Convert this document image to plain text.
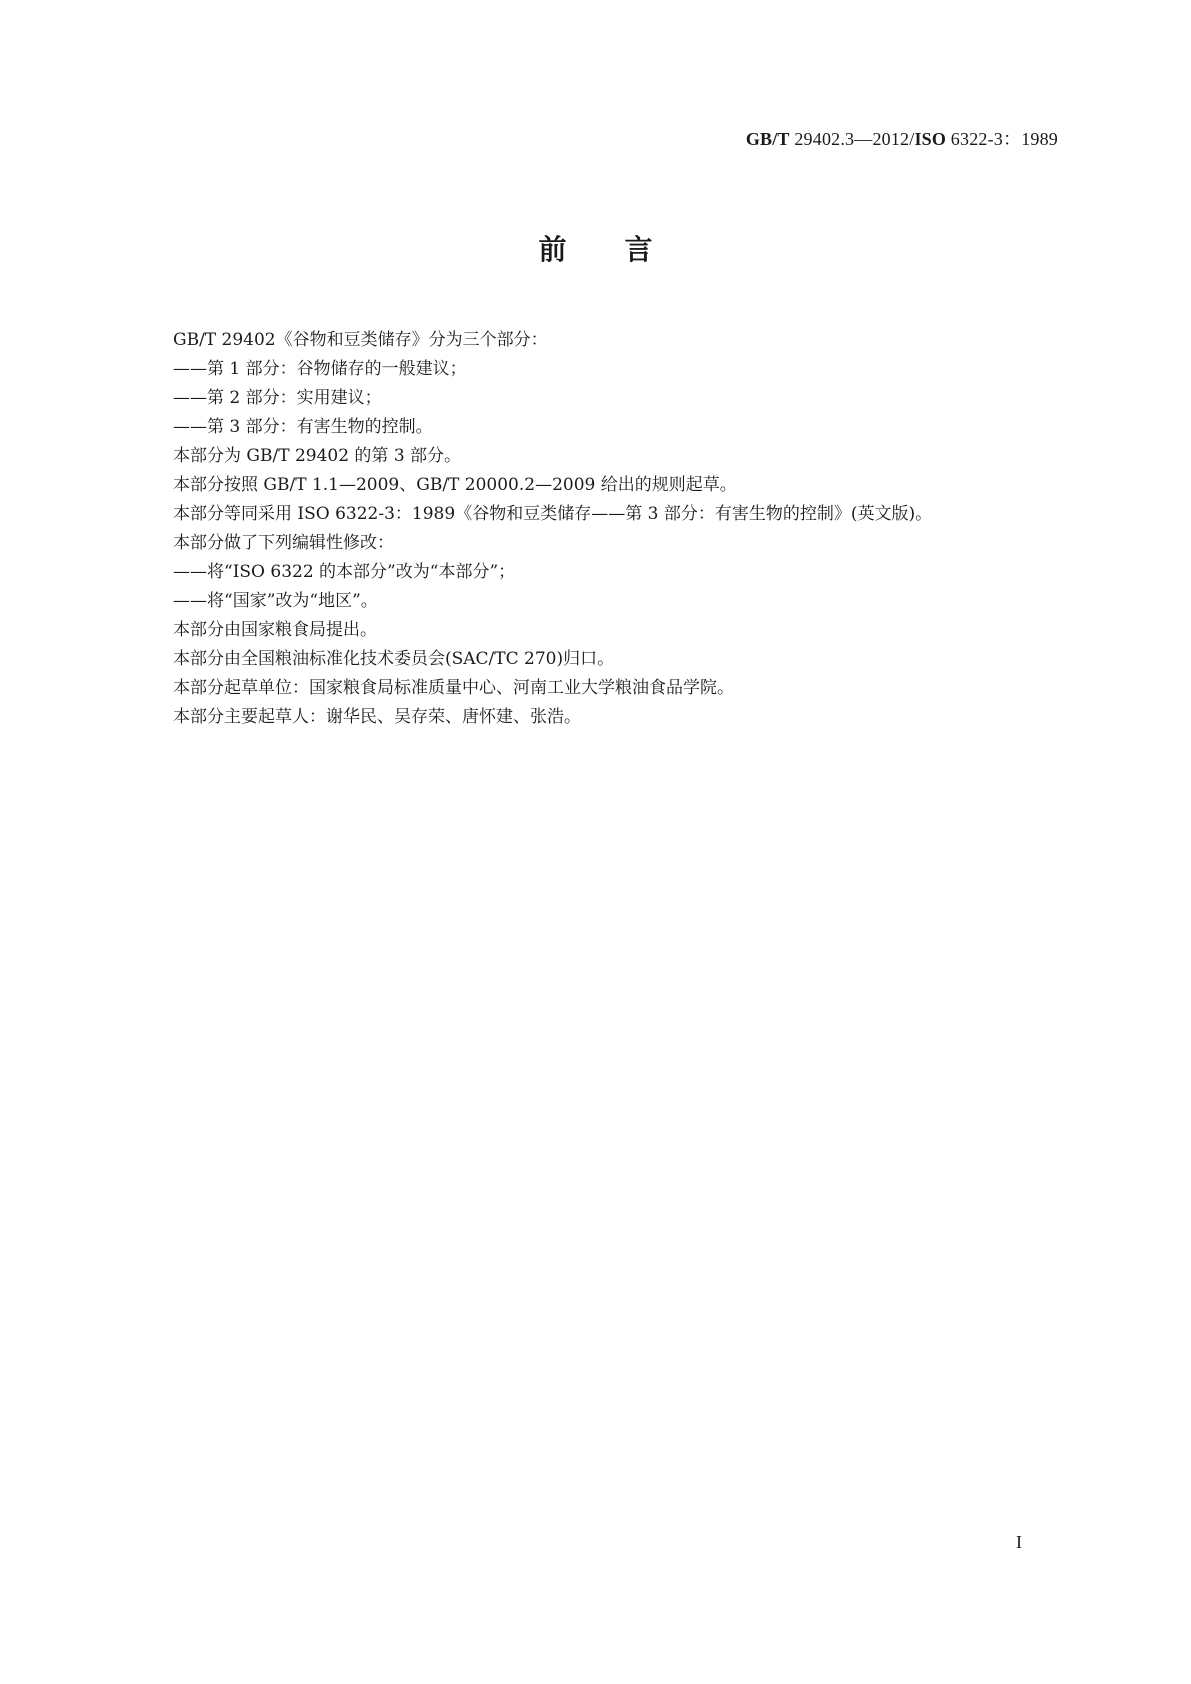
GB/T 29402.3—2012/ISO 6322-3：1989
前言
GB/T 29402《谷物和豆类储存》分为三个部分：
——第 1 部分：谷物储存的一般建议；
——第 2 部分：实用建议；
——第 3 部分：有害生物的控制。
本部分为 GB/T 29402 的第 3 部分。
本部分按照 GB/T 1.1—2009、GB/T 20000.2—2009 给出的规则起草。
本部分等同采用 ISO 6322-3：1989《谷物和豆类储存——第 3 部分：有害生物的控制》(英文版)。
本部分做了下列编辑性修改：
——将“ISO 6322 的本部分”改为“本部分”；
——将“国家”改为“地区”。
本部分由国家粮食局提出。
本部分由全国粮油标准化技术委员会(SAC/TC 270)归口。
本部分起草单位：国家粮食局标准质量中心、河南工业大学粮油食品学院。
本部分主要起草人：谢华民、吴存荣、唐怀建、张浩。
I
